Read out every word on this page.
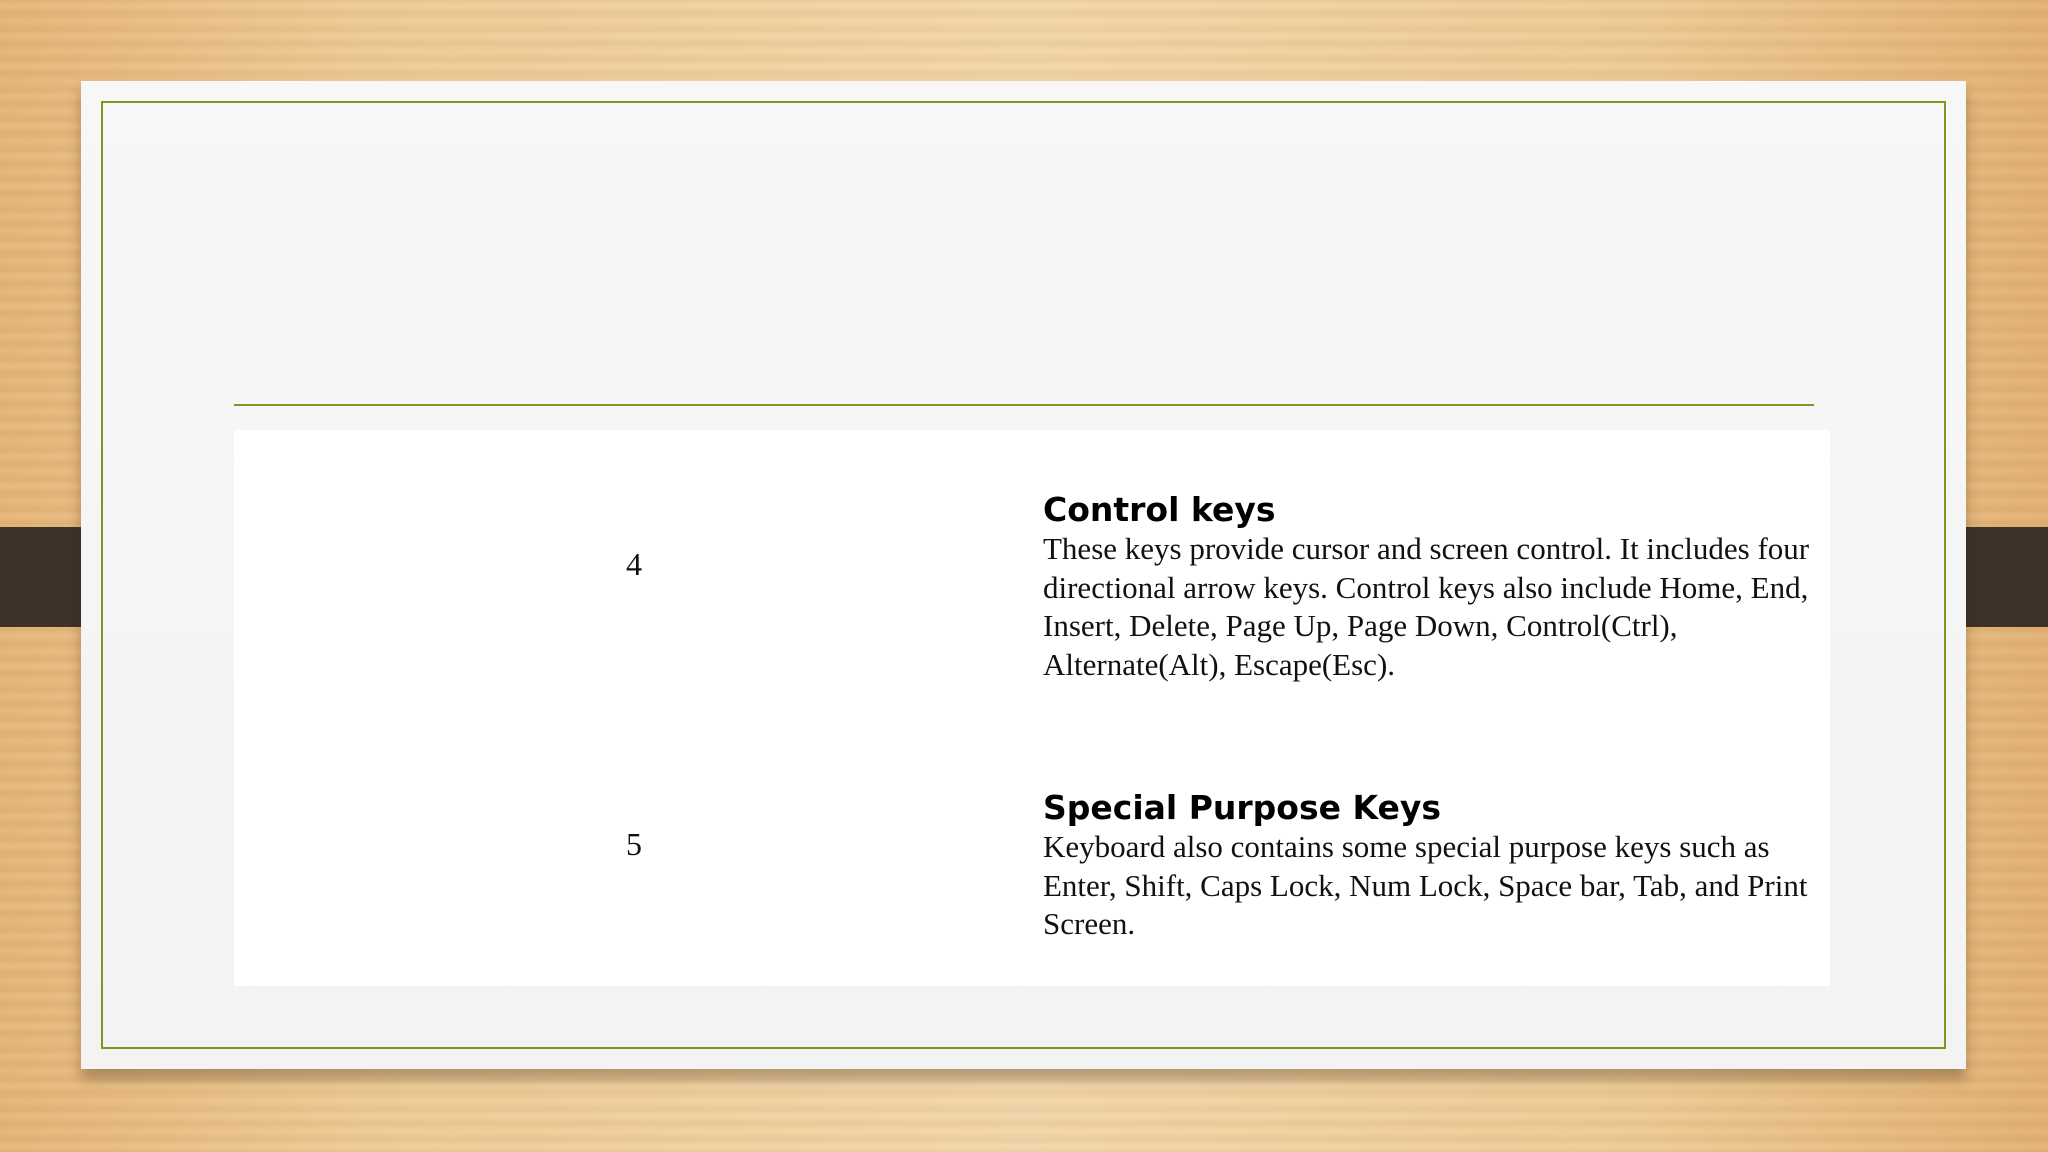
4
Control keys
These keys provide cursor and screen control. It includes four directional arrow keys. Control keys also include Home, End, Insert, Delete, Page Up, Page Down, Control(Ctrl), Alternate(Alt), Escape(Esc).
5
Special Purpose Keys
Keyboard also contains some special purpose keys such as Enter, Shift, Caps Lock, Num Lock, Space bar, Tab, and Print Screen.
